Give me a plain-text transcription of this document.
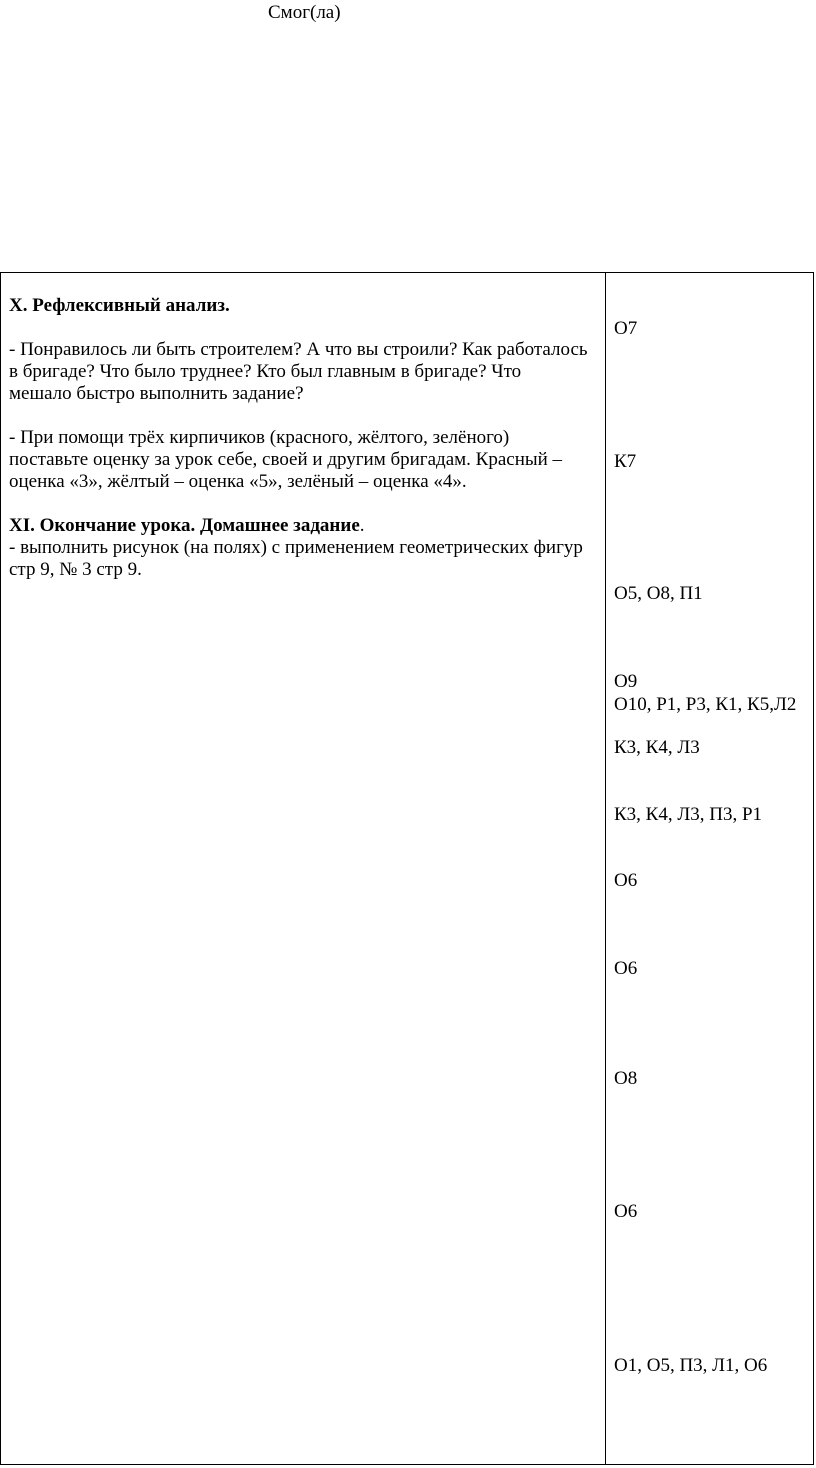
Смог(ла)

X. Рефлексивный анализ.

- Понравилось ли быть строителем? А что вы строили? Как работалось

в бригаде? Что было труднее? Кто был главным в бригаде? Что

мешало быстро выполнить задание?

- При помощи трёх кирпичиков (красного, жёлтого, зелёного)

поставьте оценку за урок себе, своей и другим бригадам. Красный –

оценка «3», жёлтый – оценка «5», зелёный – оценка «4».

XI. Окончание урока. Домашнее задание.

- выполнить рисунок (на полях) с применением геометрических фигур

стр 9, № 3 стр 9.

О7
К7
О5, О8, П1
О9
О10, Р1, Р3, К1, К5,Л2
К3, К4, Л3
К3, К4, Л3, П3, Р1
О6
О6
О8
О6
О1, О5, П3, Л1, О6
